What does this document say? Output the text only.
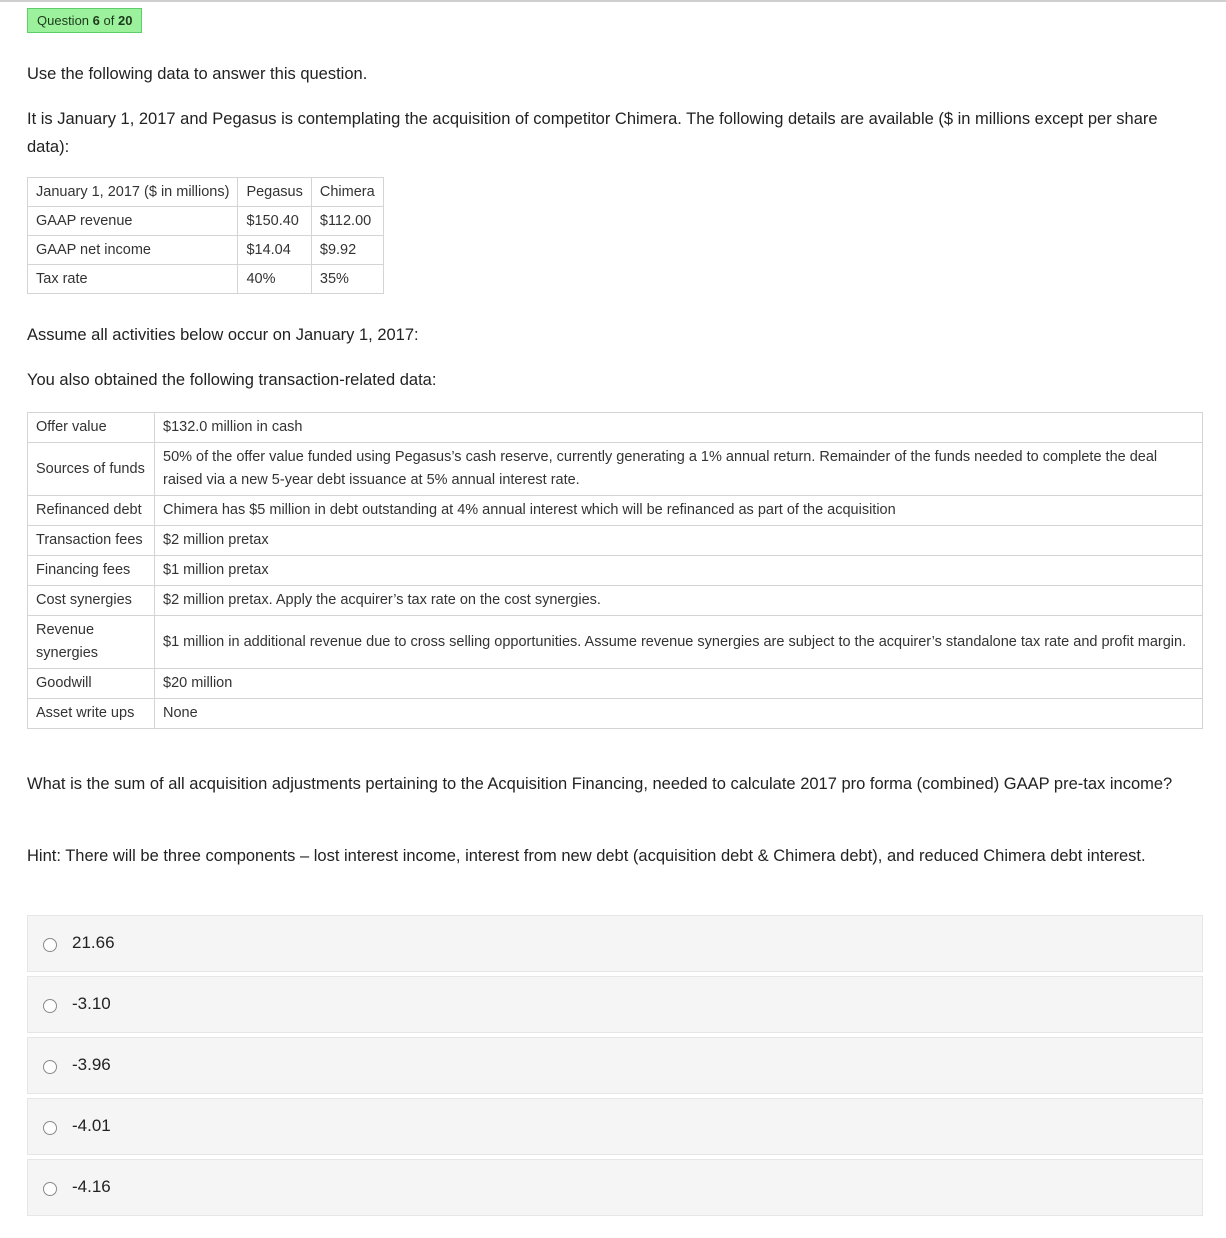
Question 6 of 20

Use the following data to answer this question.

It is January 1, 2017 and Pegasus is contemplating the acquisition of competitor Chimera. The following details are available ($ in millions except per share data):

January 1, 2017 ($ in millions)	Pegasus	Chimera
GAAP revenue	$150.40	$112.00
GAAP net income	$14.04	$9.92
Tax rate	40%	35%

Assume all activities below occur on January 1, 2017:

You also obtained the following transaction-related data:

Offer value	$132.0 million in cash
Sources of funds	50% of the offer value funded using Pegasus’s cash reserve, currently generating a 1% annual return. Remainder of the funds needed to complete the deal raised via a new 5-year debt issuance at 5% annual interest rate.
Refinanced debt	Chimera has $5 million in debt outstanding at 4% annual interest which will be refinanced as part of the acquisition
Transaction fees	$2 million pretax
Financing fees	$1 million pretax
Cost synergies	$2 million pretax. Apply the acquirer’s tax rate on the cost synergies.
Revenue synergies	$1 million in additional revenue due to cross selling opportunities. Assume revenue synergies are subject to the acquirer’s standalone tax rate and profit margin.
Goodwill	$20 million
Asset write ups	None

What is the sum of all acquisition adjustments pertaining to the Acquisition Financing, needed to calculate 2017 pro forma (combined) GAAP pre-tax income?

Hint: There will be three components – lost interest income, interest from new debt (acquisition debt & Chimera debt), and reduced Chimera debt interest.

21.66
-3.10
-3.96
-4.01
-4.16
